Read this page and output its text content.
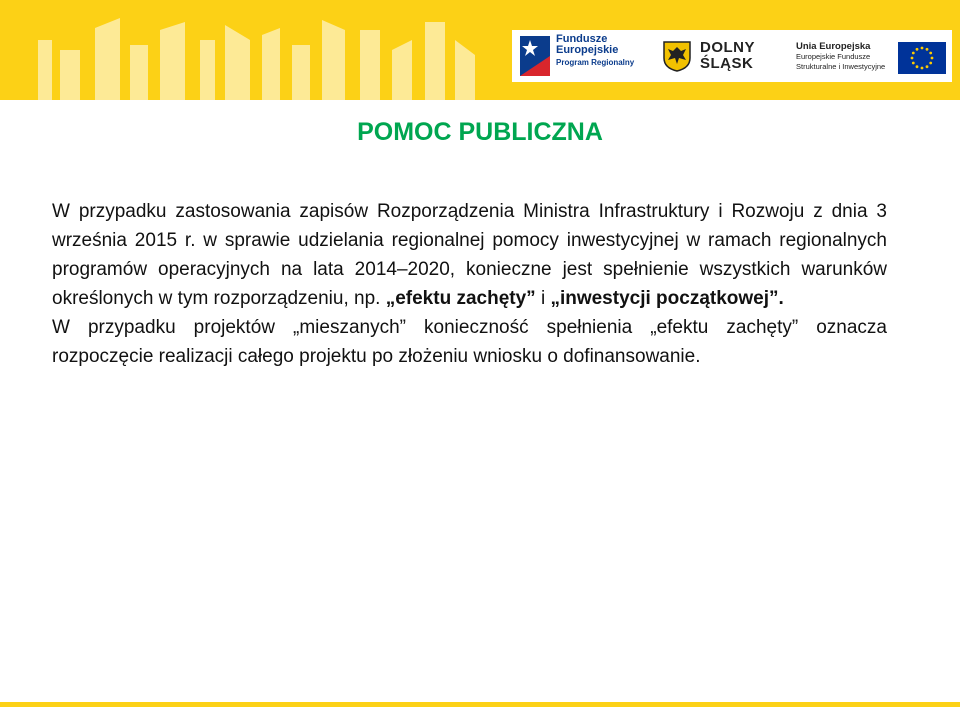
Fundusze
Europejskie
Program Regionalny
DOLNY
ŚLĄSK
Unia Europejska
Europejskie Fundusze
Strukturalne i Inwestycyjne
POMOC PUBLICZNA

W przypadku zastosowania zapisów Rozporządzenia Ministra Infrastruktury i Rozwoju z dnia 3 września 2015 r. w sprawie udzielania regionalnej pomocy inwestycyjnej w ramach regionalnych programów operacyjnych na lata 2014–2020, konieczne jest spełnienie wszystkich warunków określonych w tym rozporządzeniu, np. „efektu zachęty” i „inwestycji początkowej”.

W przypadku projektów „mieszanych” konieczność spełnienia „efektu zachęty” oznacza rozpoczęcie realizacji całego projektu po złożeniu wniosku o dofinansowanie.
